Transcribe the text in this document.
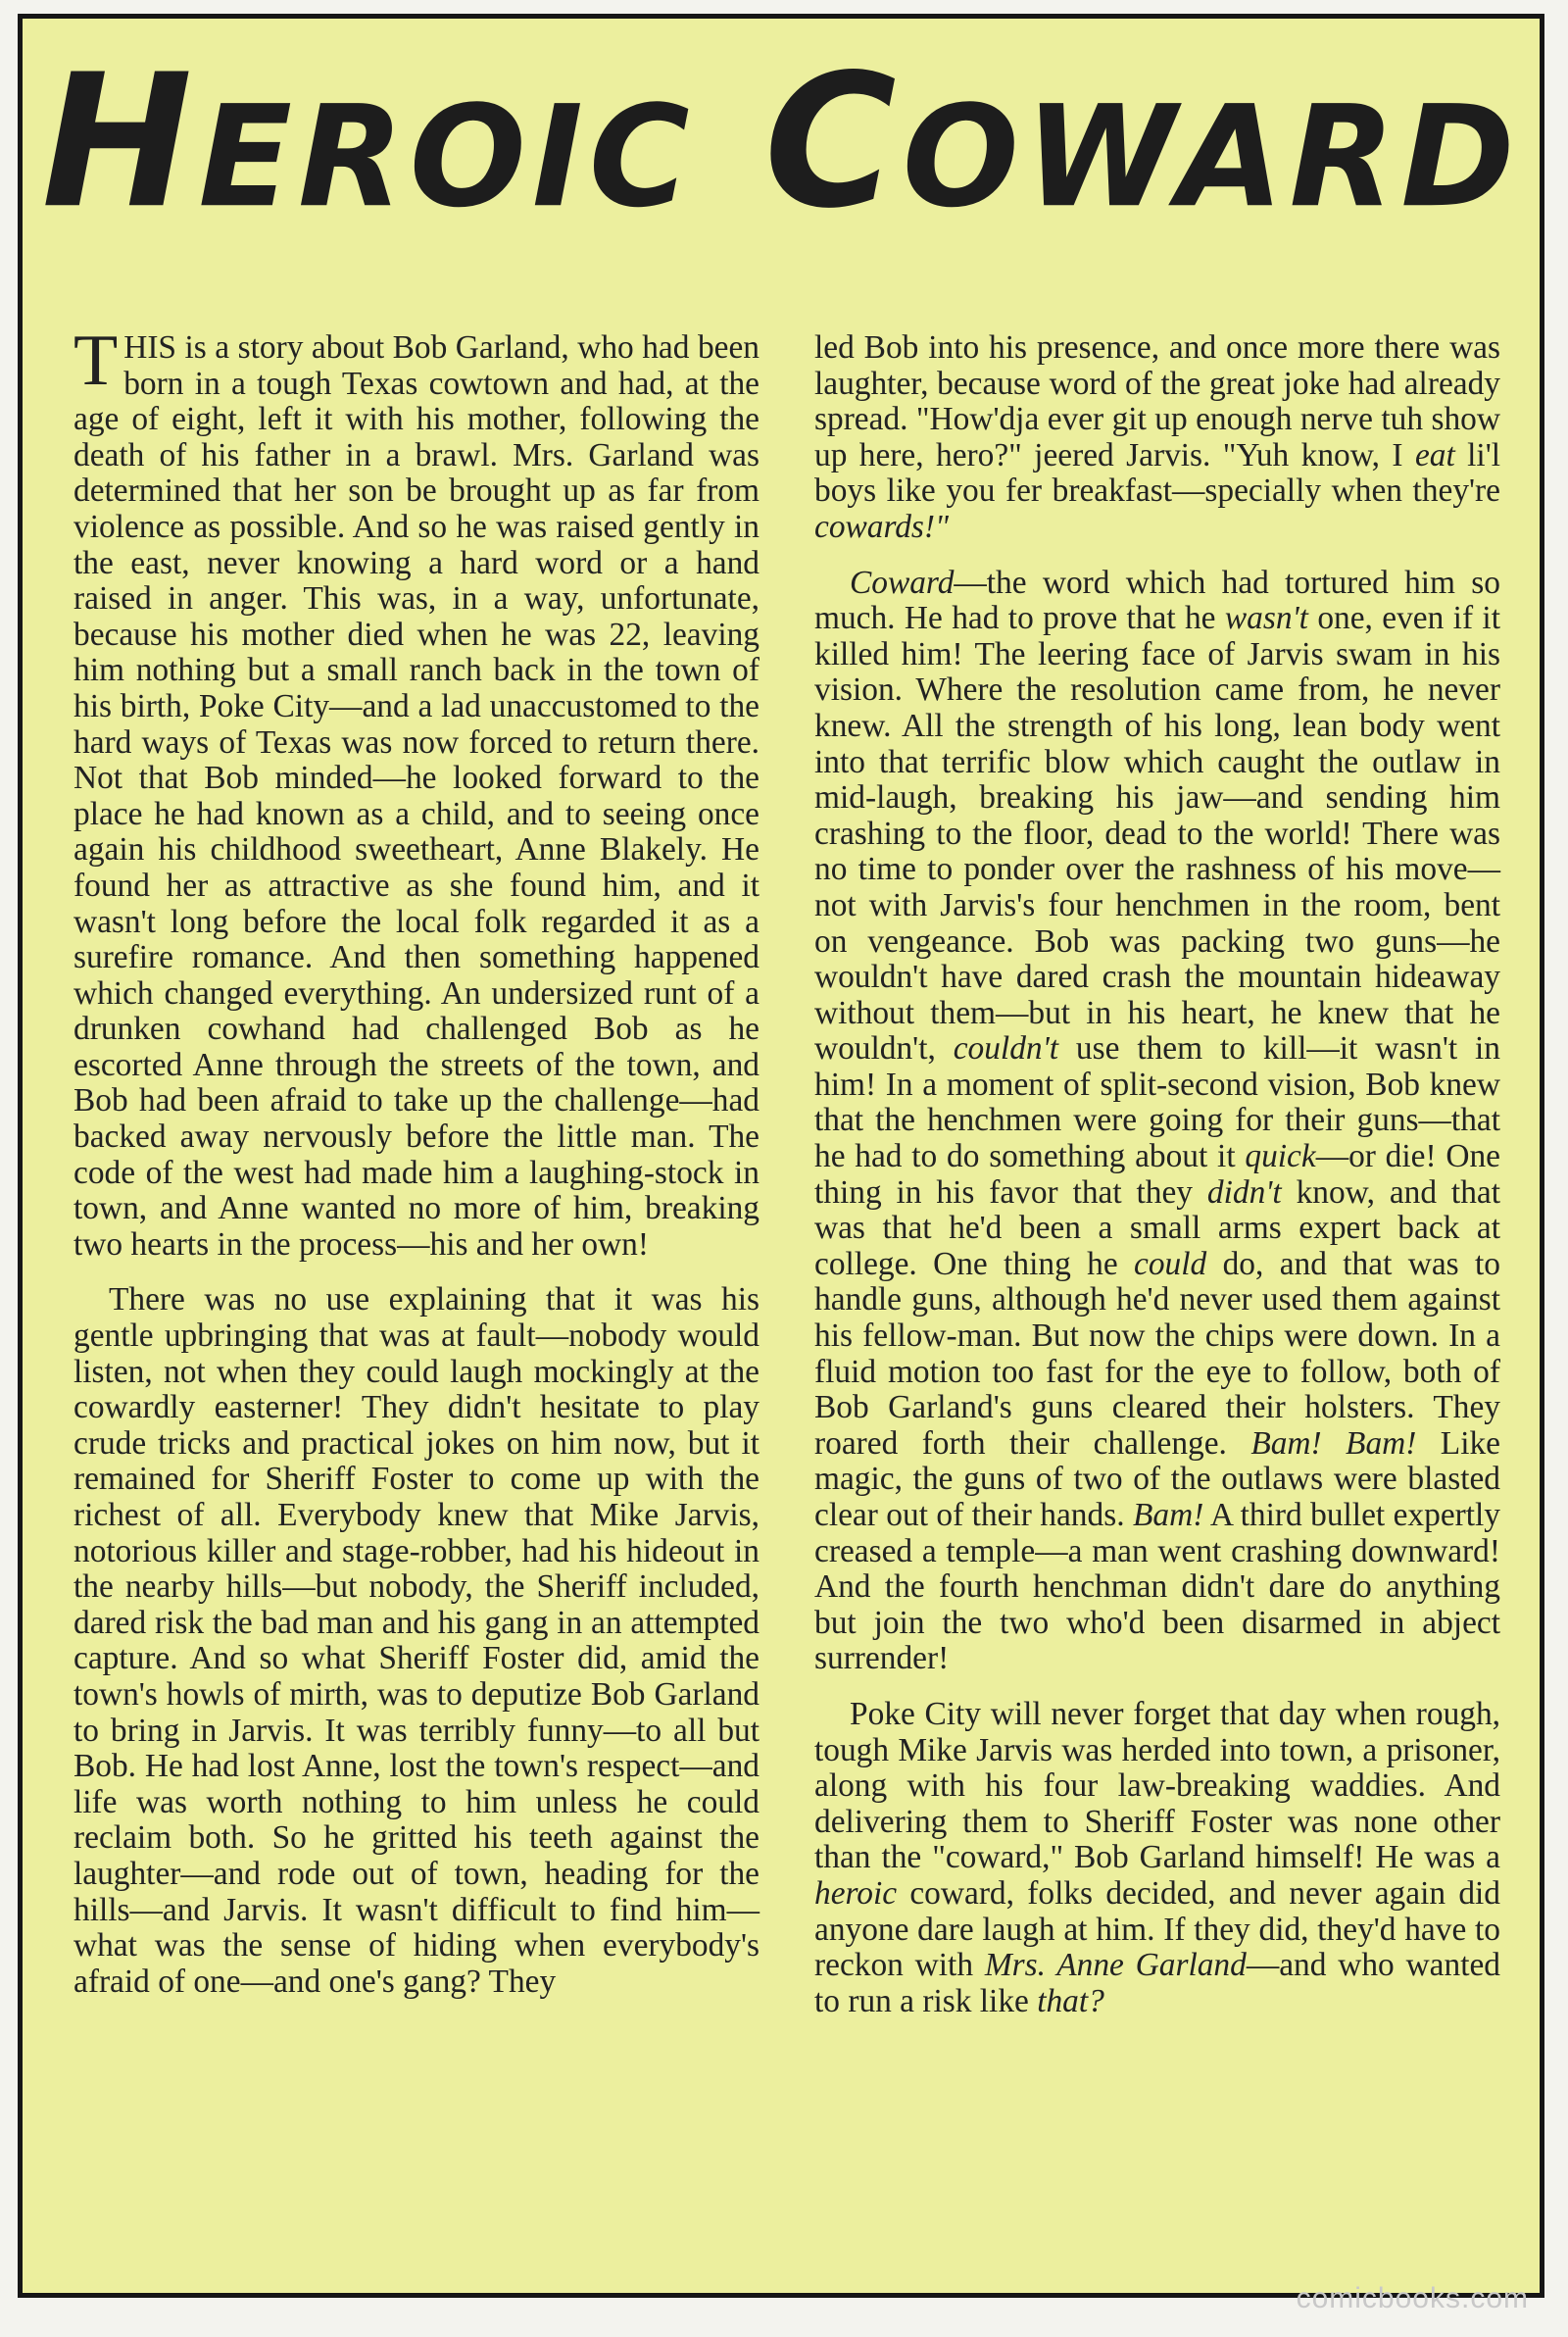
HEROIC COWARD

THIS is a story about Bob Garland, who had been born in a tough Texas cowtown and had, at the age of eight, left it with his mother, following the death of his father in a brawl. Mrs. Garland was determined that her son be brought up as far from violence as possible. And so he was raised gently in the east, never knowing a hard word or a hand raised in anger. This was, in a way, unfortunate, because his mother died when he was 22, leaving him nothing but a small ranch back in the town of his birth, Poke City—and a lad unaccustomed to the hard ways of Texas was now forced to return there. Not that Bob minded—he looked forward to the place he had known as a child, and to seeing once again his childhood sweetheart, Anne Blakely. He found her as attractive as she found him, and it wasn't long before the local folk regarded it as a surefire romance. And then something happened which changed everything. An undersized runt of a drunken cowhand had challenged Bob as he escorted Anne through the streets of the town, and Bob had been afraid to take up the challenge—had backed away nervously before the little man. The code of the west had made him a laughing-stock in town, and Anne wanted no more of him, breaking two hearts in the process—his and her own!

There was no use explaining that it was his gentle upbringing that was at fault—nobody would listen, not when they could laugh mockingly at the cowardly easterner! They didn't hesitate to play crude tricks and practical jokes on him now, but it remained for Sheriff Foster to come up with the richest of all. Everybody knew that Mike Jarvis, notorious killer and stage-robber, had his hideout in the nearby hills—but nobody, the Sheriff included, dared risk the bad man and his gang in an attempted capture. And so what Sheriff Foster did, amid the town's howls of mirth, was to deputize Bob Garland to bring in Jarvis. It was terribly funny—to all but Bob. He had lost Anne, lost the town's respect—and life was worth nothing to him unless he could reclaim both. So he gritted his teeth against the laughter—and rode out of town, heading for the hills—and Jarvis. It wasn't difficult to find him—what was the sense of hiding when everybody's afraid of one—and one's gang? They

led Bob into his presence, and once more there was laughter, because word of the great joke had already spread. "How'dja ever git up enough nerve tuh show up here, hero?" jeered Jarvis. "Yuh know, I eat li'l boys like you fer breakfast—specially when they're cowards!"

Coward—the word which had tortured him so much. He had to prove that he wasn't one, even if it killed him! The leering face of Jarvis swam in his vision. Where the resolution came from, he never knew. All the strength of his long, lean body went into that terrific blow which caught the outlaw in mid-laugh, breaking his jaw—and sending him crashing to the floor, dead to the world! There was no time to ponder over the rashness of his move—not with Jarvis's four henchmen in the room, bent on vengeance. Bob was packing two guns—he wouldn't have dared crash the mountain hideaway without them—but in his heart, he knew that he wouldn't, couldn't use them to kill—it wasn't in him! In a moment of split-second vision, Bob knew that the henchmen were going for their guns—that he had to do something about it quick—or die! One thing in his favor that they didn't know, and that was that he'd been a small arms expert back at college. One thing he could do, and that was to handle guns, although he'd never used them against his fellow-man. But now the chips were down. In a fluid motion too fast for the eye to follow, both of Bob Garland's guns cleared their holsters. They roared forth their challenge. Bam! Bam! Like magic, the guns of two of the outlaws were blasted clear out of their hands. Bam! A third bullet expertly creased a temple—a man went crashing downward! And the fourth henchman didn't dare do anything but join the two who'd been disarmed in abject surrender!

Poke City will never forget that day when rough, tough Mike Jarvis was herded into town, a prisoner, along with his four law-breaking waddies. And delivering them to Sheriff Foster was none other than the "coward," Bob Garland himself! He was a heroic coward, folks decided, and never again did anyone dare laugh at him. If they did, they'd have to reckon with Mrs. Anne Garland—and who wanted to run a risk like that?

comicbooks.com
